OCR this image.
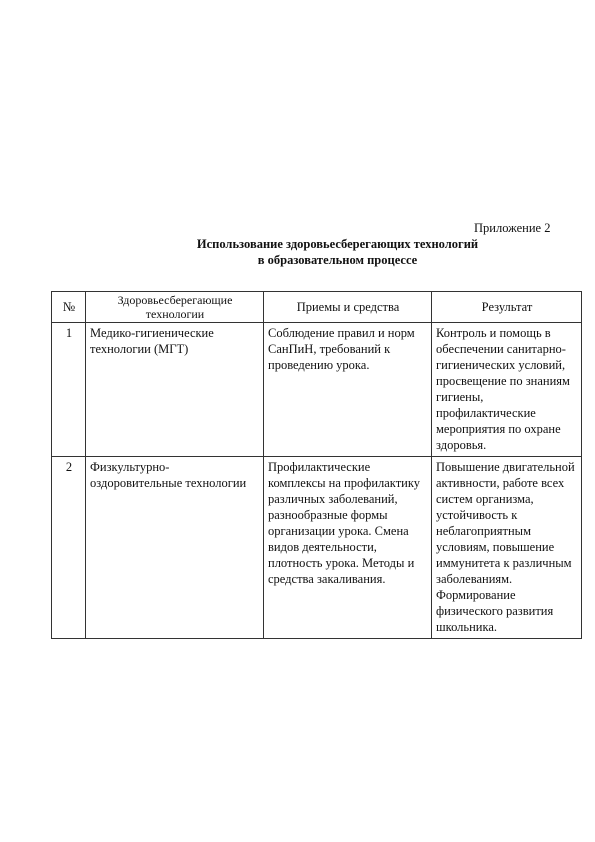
Приложение 2
Использование здоровьесберегающих технологий
в образовательном процессе
№	Здоровьесберегающие технологии	Приемы и средства	Результат
1	Медико-гигиенические технологии (МГТ)	Соблюдение правил и норм СанПиН, требований к проведению урока.	Контроль и помощь в обеспечении санитарно-гигиенических условий, просвещение по знаниям гигиены, профилактические мероприятия по охране здоровья.
2	Физкультурно-оздоровительные технологии	Профилактические комплексы на профилактику различных заболеваний, разнообразные формы организации урока. Смена видов деятельности, плотность урока. Методы и средства закаливания.	Повышение двигательной активности, работе всех систем организма, устойчивость к неблагоприятным условиям, повышение иммунитета к различным заболеваниям. Формирование физического развития школьника.
